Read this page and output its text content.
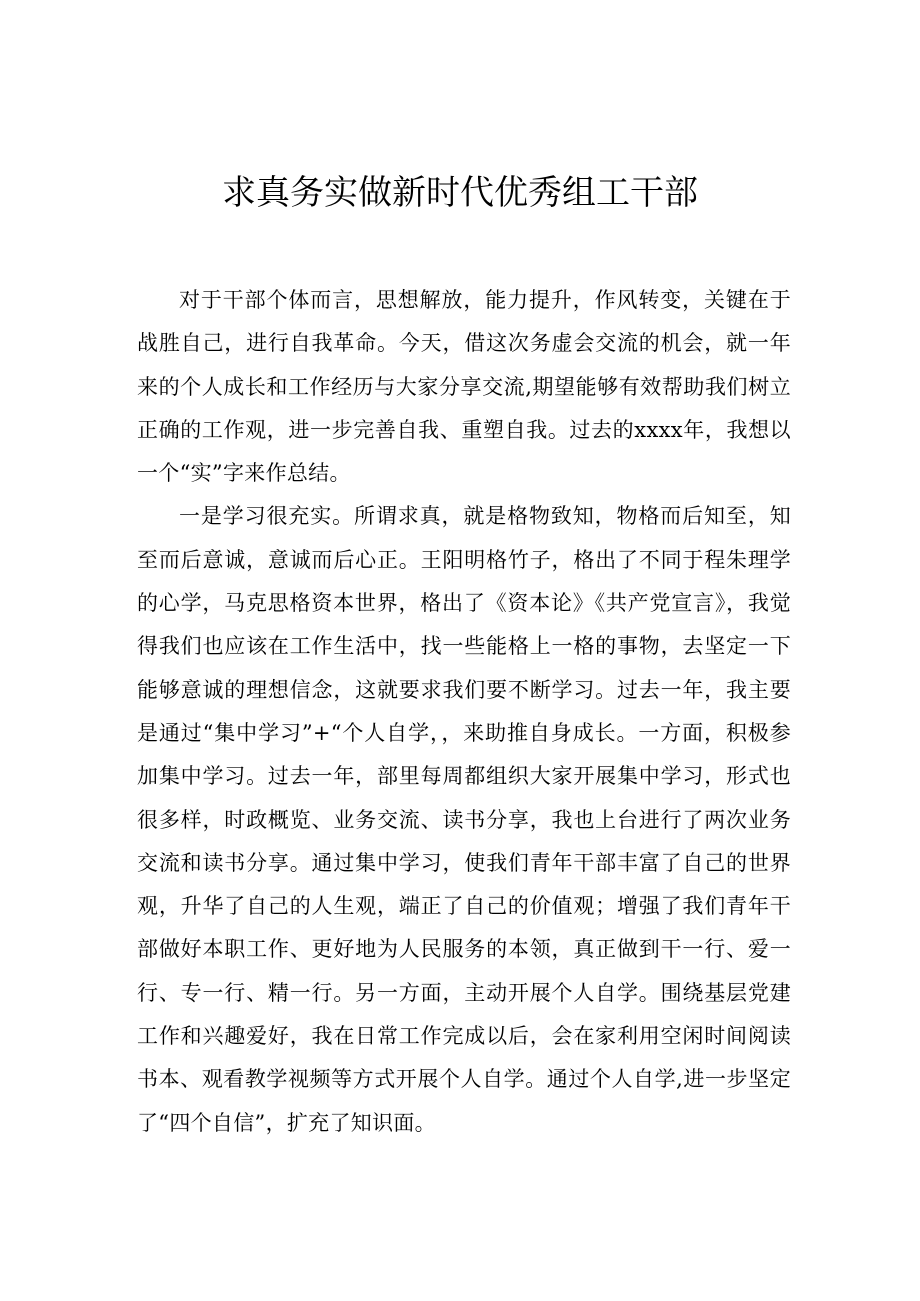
求真务实做新时代优秀组工干部

对于干部个体而言，思想解放，能力提升，作风转变，关键在于战胜自己，进行自我革命。今天，借这次务虚会交流的机会，就一年来的个人成长和工作经历与大家分享交流,期望能够有效帮助我们树立正确的工作观，进一步完善自我、重塑自我。过去的xxxx年，我想以一个“实”字来作总结。

一是学习很充实。所谓求真，就是格物致知，物格而后知至，知至而后意诚，意诚而后心正。王阳明格竹子，格出了不同于程朱理学的心学，马克思格资本世界，格出了《资本论》《共产党宣言》，我觉得我们也应该在工作生活中，找一些能格上一格的事物，去坚定一下能够意诚的理想信念，这就要求我们要不断学习。过去一年，我主要是通过“集中学习”+“个人自学，，来助推自身成长。一方面，积极参加集中学习。过去一年，部里每周都组织大家开展集中学习，形式也很多样，时政概览、业务交流、读书分享，我也上台进行了两次业务交流和读书分享。通过集中学习，使我们青年干部丰富了自己的世界观，升华了自己的人生观，端正了自己的价值观；增强了我们青年干部做好本职工作、更好地为人民服务的本领，真正做到干一行、爱一行、专一行、精一行。另一方面，主动开展个人自学。围绕基层党建工作和兴趣爱好，我在日常工作完成以后，会在家利用空闲时间阅读书本、观看教学视频等方式开展个人自学。通过个人自学,进一步坚定了“四个自信”，扩充了知识面。
